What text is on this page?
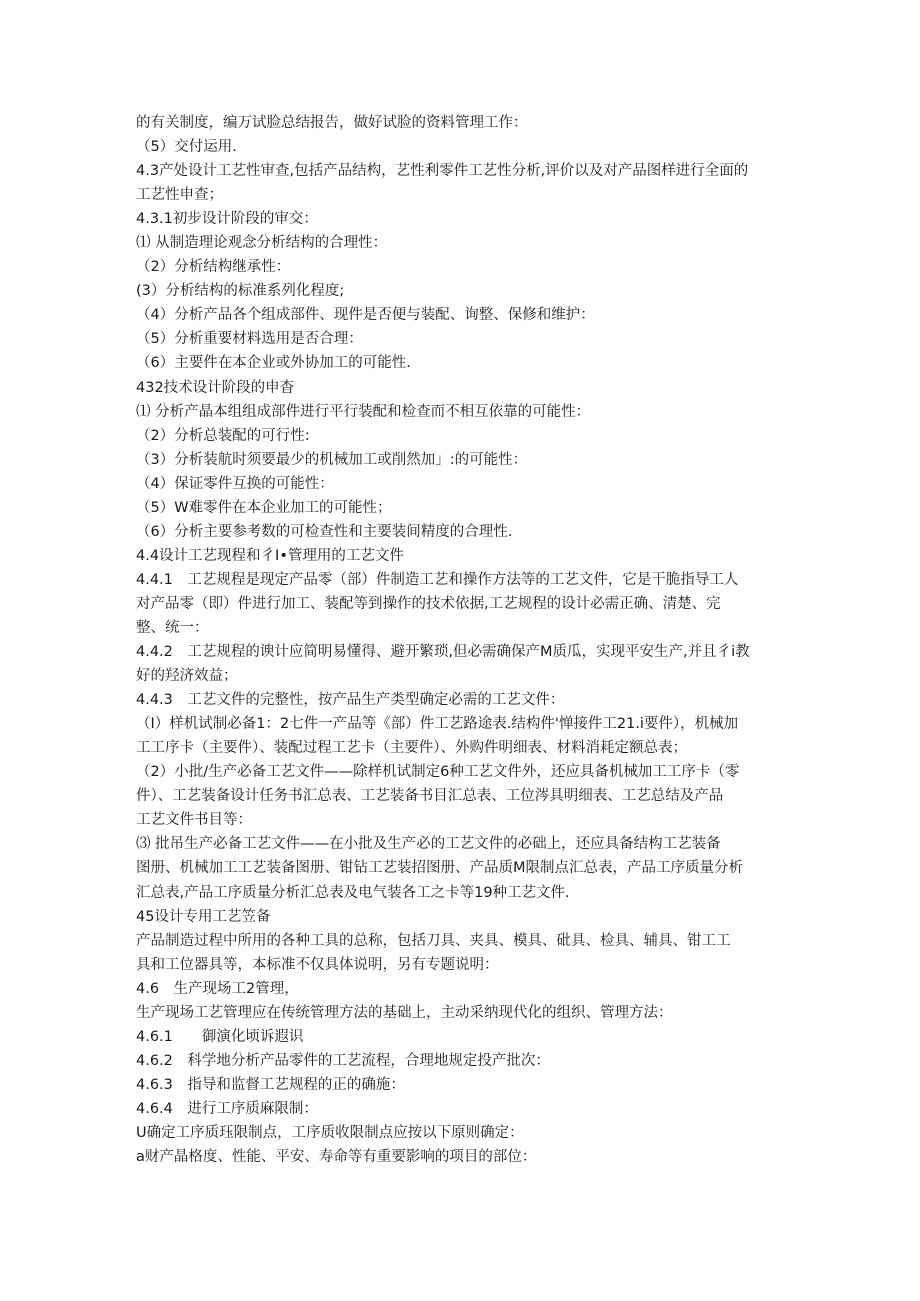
的有关制度，编万试脸总结报告，做好试脸的资料管理工作：
（5）交付运用.
4.3产处设计工艺性审查,包括产品结构，艺性利零件工艺性分析,评价以及对产品图样进行全面的
工艺性申查；
4.3.1初步设计阶段的审交：
⑴ 从制造理论观念分析结构的合理性：
（2）分析结构继承性：
(3）分析结构的标准系列化程度;
（4）分析产品各个组成部件、现件是否便与装配、询整、保修和维护：
（5）分析重要材料选用是否合理：
（6）主要件在本企业或外协加工的可能性.
432技术设计阶段的申杳
⑴ 分析产晶本组组成部件进行平行装配和检查而不相互依靠的可能性：
（2）分析总装配的可行性:
（3）分析装航时须要最少的机械加工或削然加」:的可能性：
（4）保证零件互换的可能性：
（5）W难零件在本企业加工的可能性；
（6）分析主要参考数的可检查性和主要装间精度的合理性.
4.4设计工艺现程和彳I•管理用的工艺文件
4.4.1　工艺规程是现定产品零（部）件制造工艺和操作方法等的工艺文件，它是干脆指导工人
对产品零（即）件进行加工、装配等到操作的技术依据,工艺规程的设计必需正确、清楚、完
整、统一：
4.4.2　工艺规程的谀计应简明易懂得、避开繁琐,但必需确保产M质瓜，实现平安生产,并且彳i教
好的羟济效益；
4.4.3　工艺文件的完整性，按产品生产类型确定必需的工艺文件：
（I）样机试制必备1：2七件一产品等《部）件工艺路途表.结构件'惮接件工21.i要件），机械加
工工序卡（主要件）、装配过程工艺卡（主要件）、外购件明细表、材料消耗定额总表；
（2）小批/生产必备工艺文件——除样机试制定6种工艺文件外，还应具备机械加工工序卡（零
件）、工艺装备设计任务书汇总表、工艺装备书目汇总表、工位涔具明细表、工艺总结及产品
工艺文件书目等：
⑶ 批吊生产必备工艺文件——在小批及生产必的工艺文件的必础上，还应具备结构工艺装备
图册、机械加工工艺装备图册、钳钻工艺装招图册、产品质M限制点汇总表，产品工序质量分析
汇总表,产品工序质量分析汇总表及电气装各工之卡等19种工艺文件.
45设计专用工艺笠备
产品制造过程中所用的各种工具的总称，包括刀具、夹具、模具、砒具、检具、辅具、钳工工
具和工位器具等，本标准不仅具体说明，另有专题说明：
4.6　生产现场工2管理，
生产现场工艺管理应在传统管理方法的基础上，主动采纳现代化的组织、管理方法：
4.6.1　　御演化顷诉遐识
4.6.2　科学地分析产品零件的工艺流程，合理地规定投产批次：
4.6.3　指导和监督工艺规程的正的确施：
4.6.4　进行工序质麻限制：
U确定工序质珏限制点，工序质收限制点应按以下原则确定：
a财产晶格度、性能、平安、寿命等有重要影响的项目的部位：
